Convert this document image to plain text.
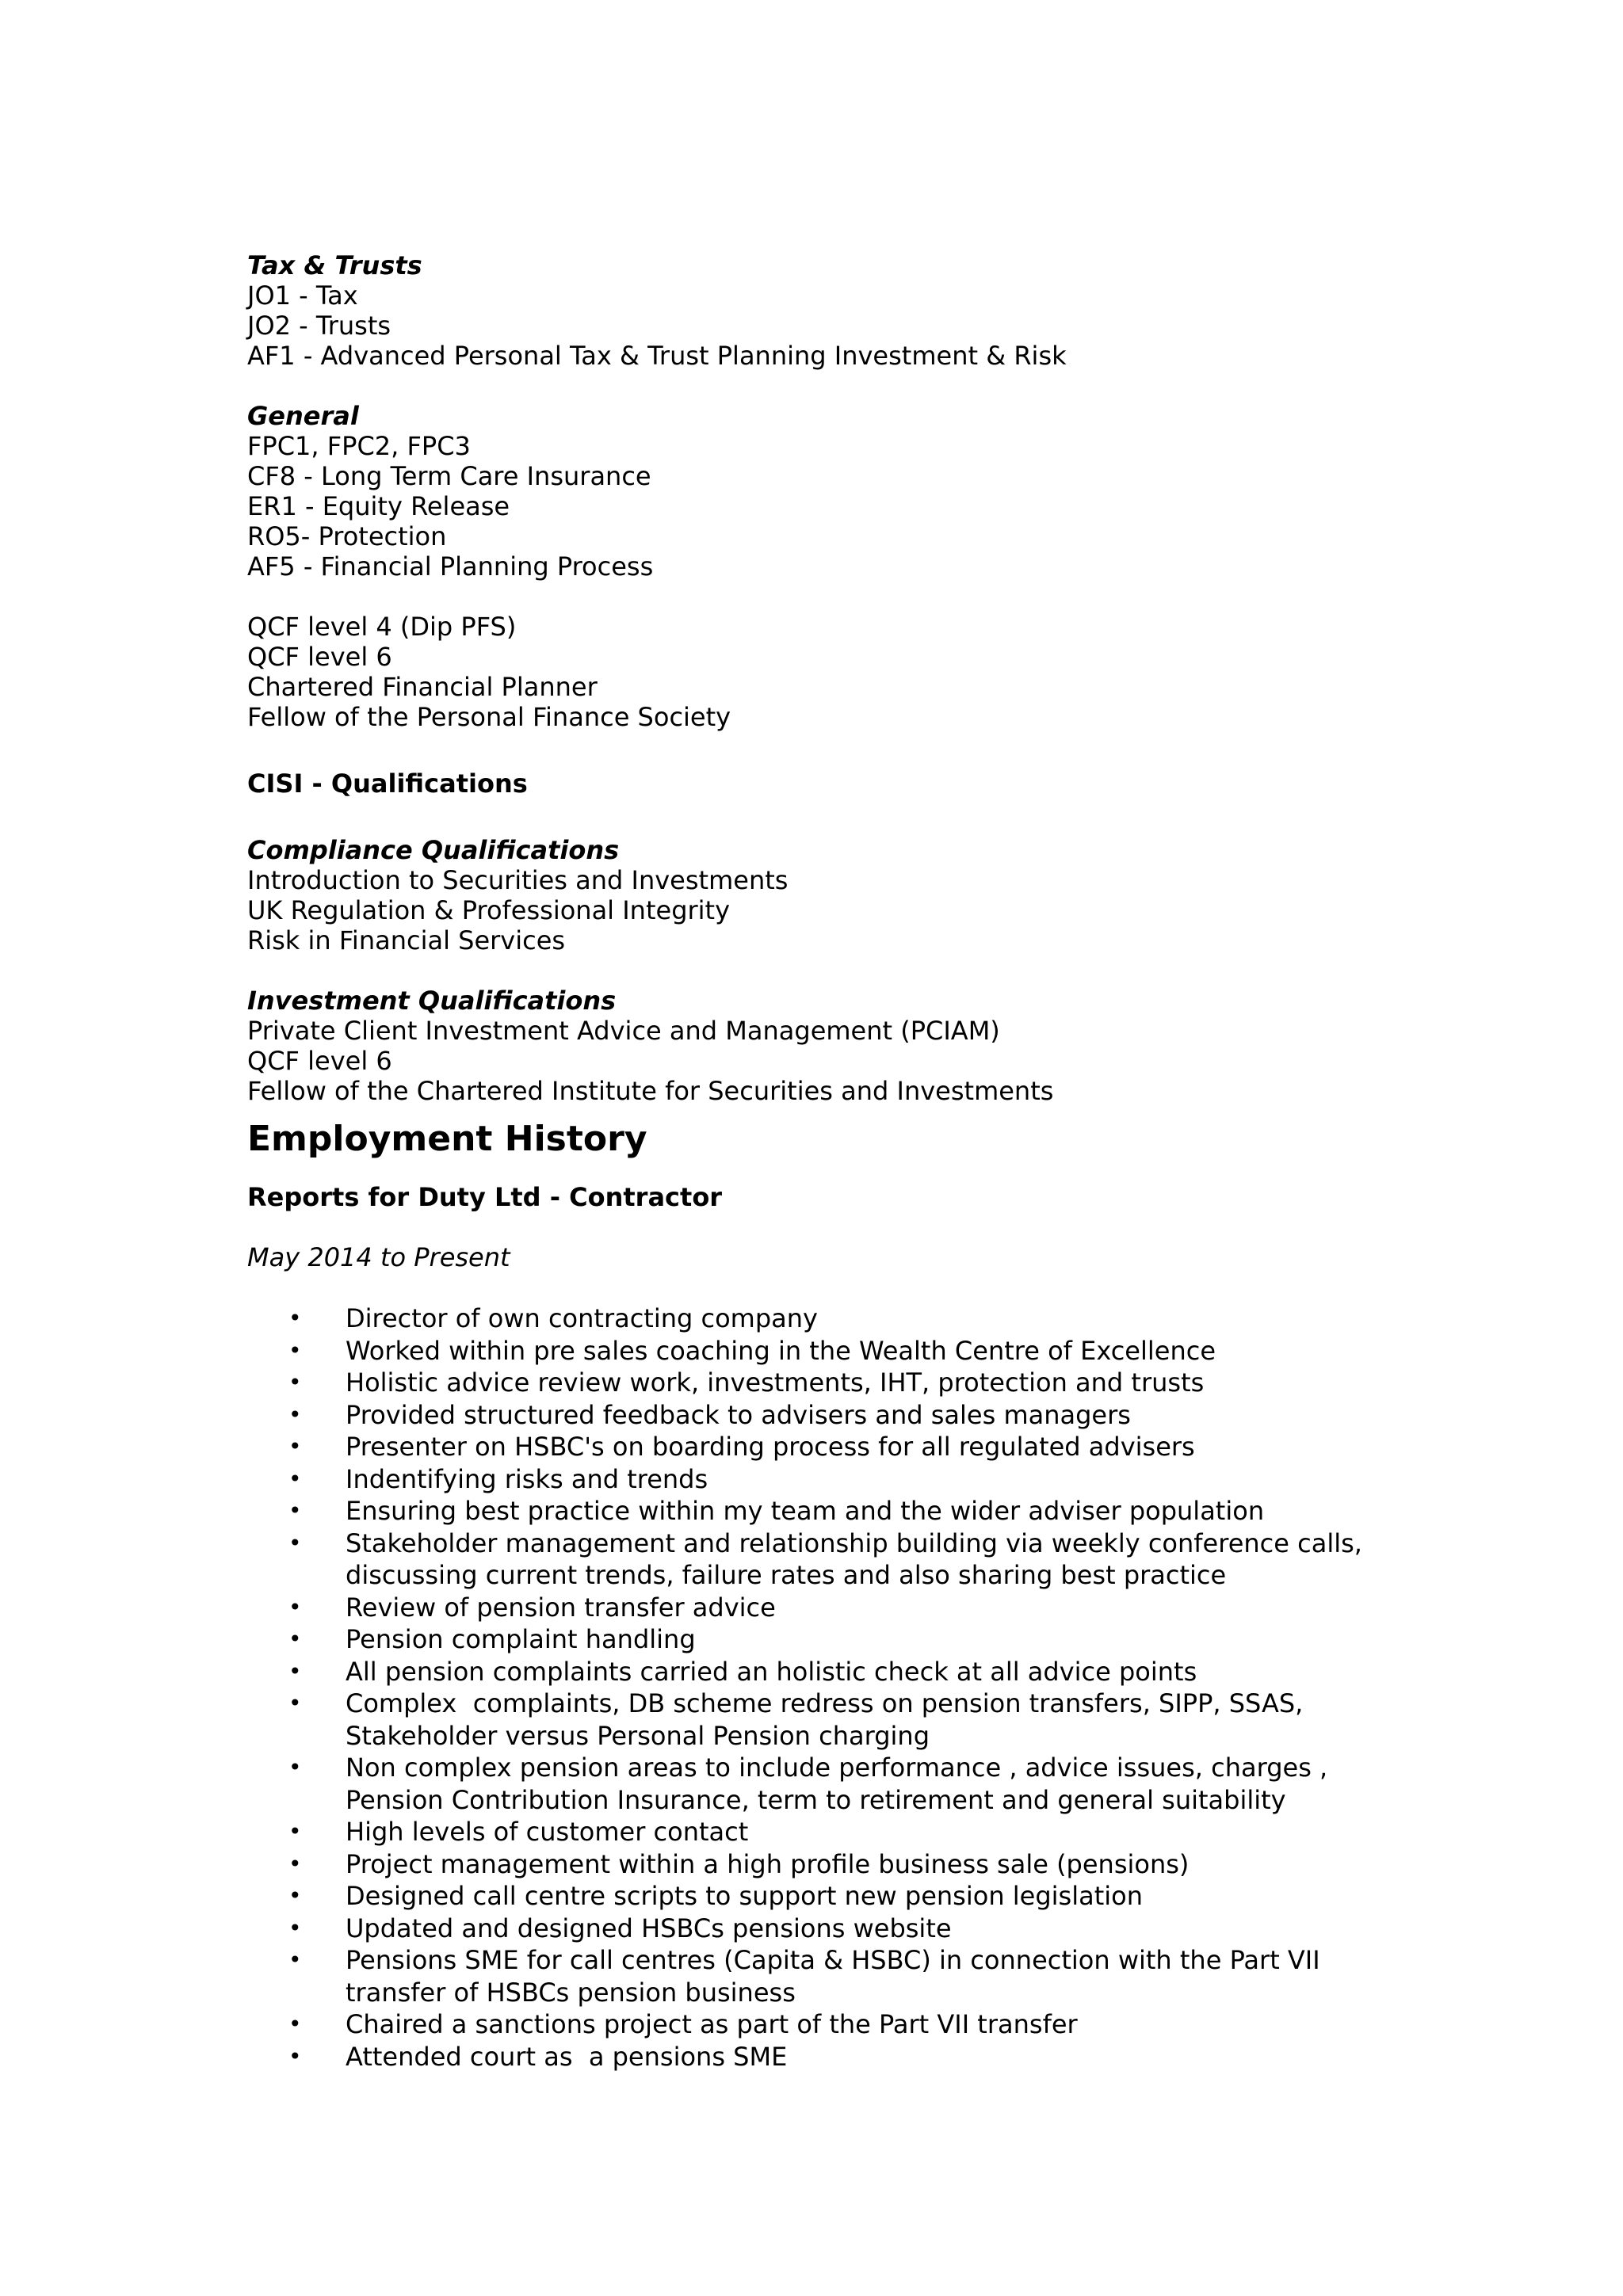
Tax & Trusts
JO1 - Tax
JO2 - Trusts
AF1 - Advanced Personal Tax & Trust Planning Investment & Risk
General
FPC1, FPC2, FPC3
CF8 - Long Term Care Insurance
ER1 - Equity Release
RO5- Protection
AF5 - Financial Planning Process
QCF level 4 (Dip PFS)
QCF level 6
Chartered Financial Planner
Fellow of the Personal Finance Society
CISI - Qualifications
Compliance Qualifications
Introduction to Securities and Investments
UK Regulation & Professional Integrity
Risk in Financial Services
Investment Qualifications
Private Client Investment Advice and Management (PCIAM)
QCF level 6
Fellow of the Chartered Institute for Securities and Investments
Employment History
Reports for Duty Ltd - Contractor
May 2014 to Present
• Director of own contracting company
• Worked within pre sales coaching in the Wealth Centre of Excellence
• Holistic advice review work, investments, IHT, protection and trusts
• Provided structured feedback to advisers and sales managers
• Presenter on HSBC's on boarding process for all regulated advisers
• Indentifying risks and trends
• Ensuring best practice within my team and the wider adviser population
• Stakeholder management and relationship building via weekly conference calls,
discussing current trends, failure rates and also sharing best practice
• Review of pension transfer advice
• Pension complaint handling
• All pension complaints carried an holistic check at all advice points
• Complex  complaints, DB scheme redress on pension transfers, SIPP, SSAS,
Stakeholder versus Personal Pension charging
• Non complex pension areas to include performance , advice issues, charges ,
Pension Contribution Insurance, term to retirement and general suitability
• High levels of customer contact
• Project management within a high profile business sale (pensions)
• Designed call centre scripts to support new pension legislation
• Updated and designed HSBCs pensions website
• Pensions SME for call centres (Capita & HSBC) in connection with the Part VII
transfer of HSBCs pension business
• Chaired a sanctions project as part of the Part VII transfer
• Attended court as  a pensions SME
